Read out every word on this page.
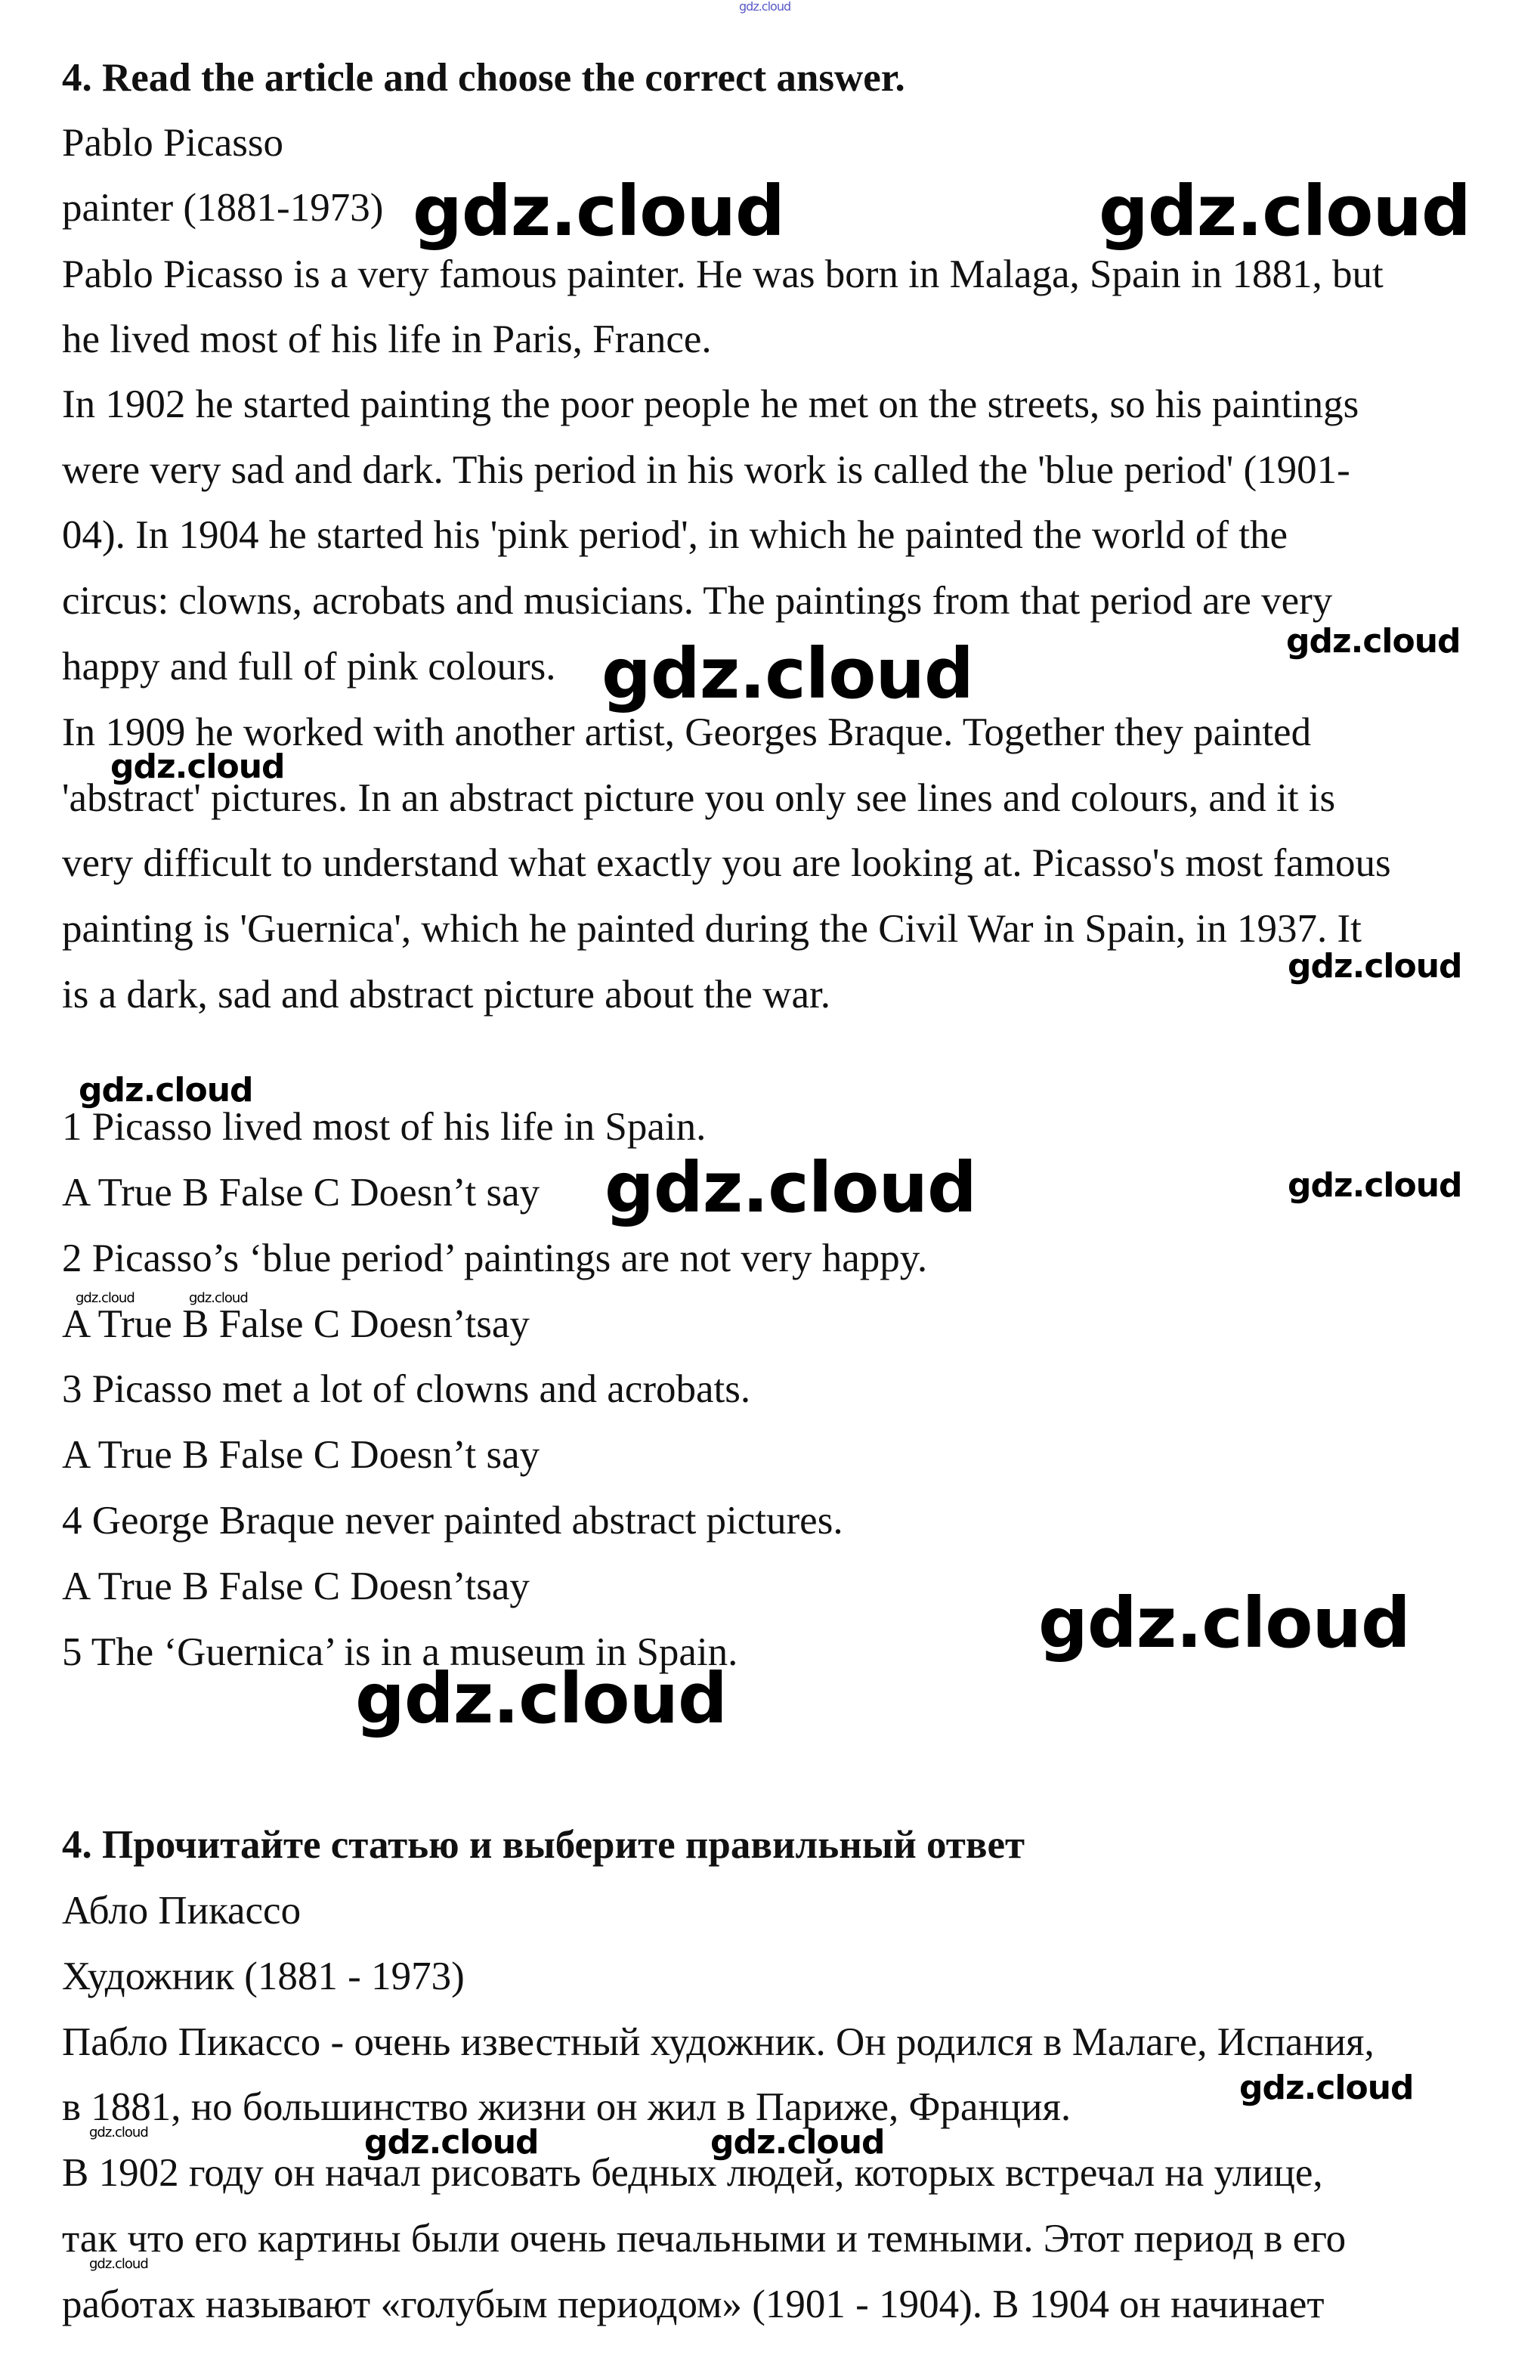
4. Read the article and choose the correct answer.

Pablo Picasso

painter (1881-1973)

Pablo Picasso is a very famous painter. He was born in Malaga, Spain in 1881, but

he lived most of his life in Paris, France.

In 1902 he started painting the poor people he met on the streets, so his paintings

were very sad and dark. This period in his work is called the 'blue period' (1901-

04). In 1904 he started his 'pink period', in which he painted the world of the

circus: clowns, acrobats and musicians. The paintings from that period are very

happy and full of pink colours.

In 1909 he worked with another artist, Georges Braque. Together they painted

'abstract' pictures. In an abstract picture you only see lines and colours, and it is

very difficult to understand what exactly you are looking at. Picasso's most famous

painting is 'Guernica', which he painted during the Civil War in Spain, in 1937. It

is a dark, sad and abstract picture about the war.

1 Picasso lived most of his life in Spain.

A True B False C Doesn’t say

2 Picasso’s ‘blue period’ paintings are not very happy.

A True B False C Doesn’tsay

3 Picasso met a lot of clowns and acrobats.

A True B False C Doesn’t say

4 George Braque never painted abstract pictures.

A True B False C Doesn’tsay

5 The ‘Guernica’ is in a museum in Spain.

4. Прочитайте статью и выберите правильный ответ

Абло Пикассо

Художник (1881 - 1973)

Пабло Пикассо - очень известный художник. Он родился в Малаге, Испания,

в 1881, но большинство жизни он жил в Париже, Франция.

В 1902 году он начал рисовать бедных людей, которых встречал на улице,

так что его картины были очень печальными и темными. Этот период в его

работах называют «голубым периодом» (1901 - 1904). В 1904 он начинает

gdz.cloud

gdz.cloud	gdz.cloud

gdz.cloud	gdz.cloud

gdz.cloud

gdz.cloud

gdz.cloud

gdz.cloud	gdz.cloud

gdz.cloud	gdz.cloud

gdz.cloud

gdz.cloud

gdz.cloud

gdz.cloud	gdz.cloud	gdz.cloud

gdz.cloud
